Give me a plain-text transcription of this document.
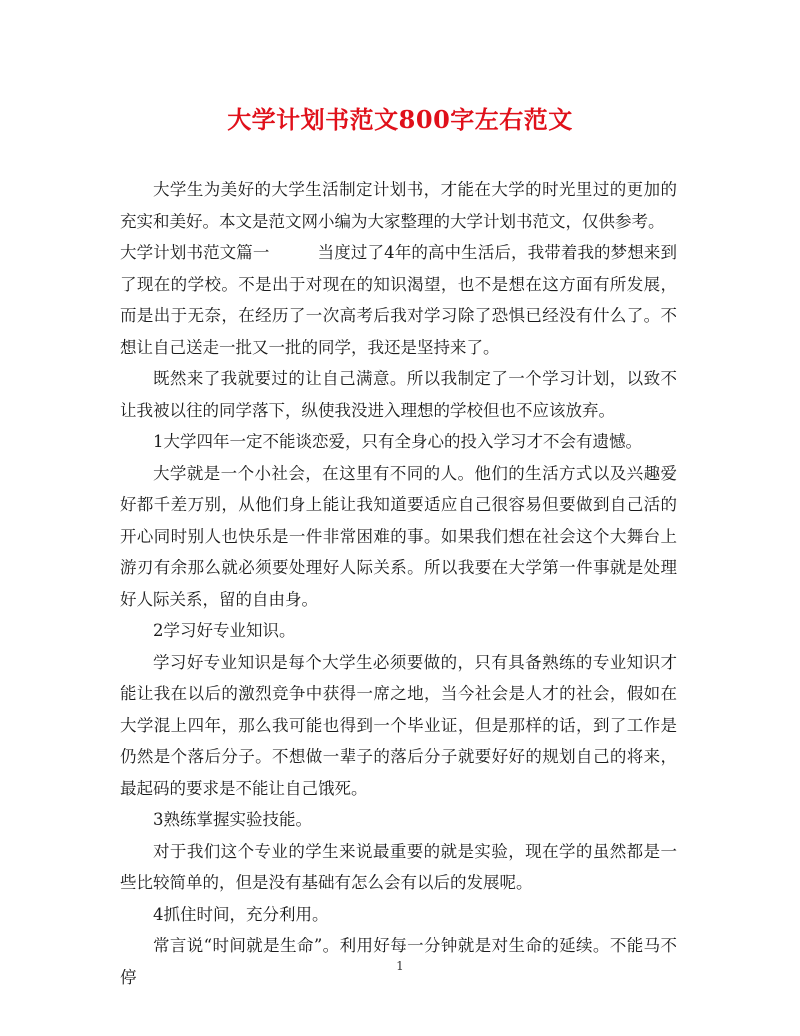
大学计划书范文800字左右范文

大学生为美好的大学生活制定计划书，才能在大学的时光里过的更加的充实和美好。本文是范文网小编为大家整理的大学计划书范文，仅供参考。

大学计划书范文篇一	当度过了4年的高中生活后，我带着我的梦想来到了现在的学校。不是出于对现在的知识渴望，也不是想在这方面有所发展，而是出于无奈，在经历了一次高考后我对学习除了恐惧已经没有什么了。不想让自己送走一批又一批的同学，我还是坚持来了。

既然来了我就要过的让自己满意。所以我制定了一个学习计划，以致不让我被以往的同学落下，纵使我没进入理想的学校但也不应该放弃。

1大学四年一定不能谈恋爱，只有全身心的投入学习才不会有遗憾。

大学就是一个小社会，在这里有不同的人。他们的生活方式以及兴趣爱好都千差万别，从他们身上能让我知道要适应自己很容易但要做到自己活的开心同时别人也快乐是一件非常困难的事。如果我们想在社会这个大舞台上游刃有余那么就必须要处理好人际关系。所以我要在大学第一件事就是处理好人际关系，留的自由身。

2学习好专业知识。

学习好专业知识是每个大学生必须要做的，只有具备熟练的专业知识才能让我在以后的激烈竞争中获得一席之地，当今社会是人才的社会，假如在大学混上四年，那么我可能也得到一个毕业证，但是那样的话，到了工作是仍然是个落后分子。不想做一辈子的落后分子就要好好的规划自己的将来，最起码的要求是不能让自己饿死。

3熟练掌握实验技能。

对于我们这个专业的学生来说最重要的就是实验，现在学的虽然都是一些比较简单的，但是没有基础有怎么会有以后的发展呢。

4抓住时间，充分利用。

常言说“时间就是生命”。利用好每一分钟就是对生命的延续。不能马不停

1
